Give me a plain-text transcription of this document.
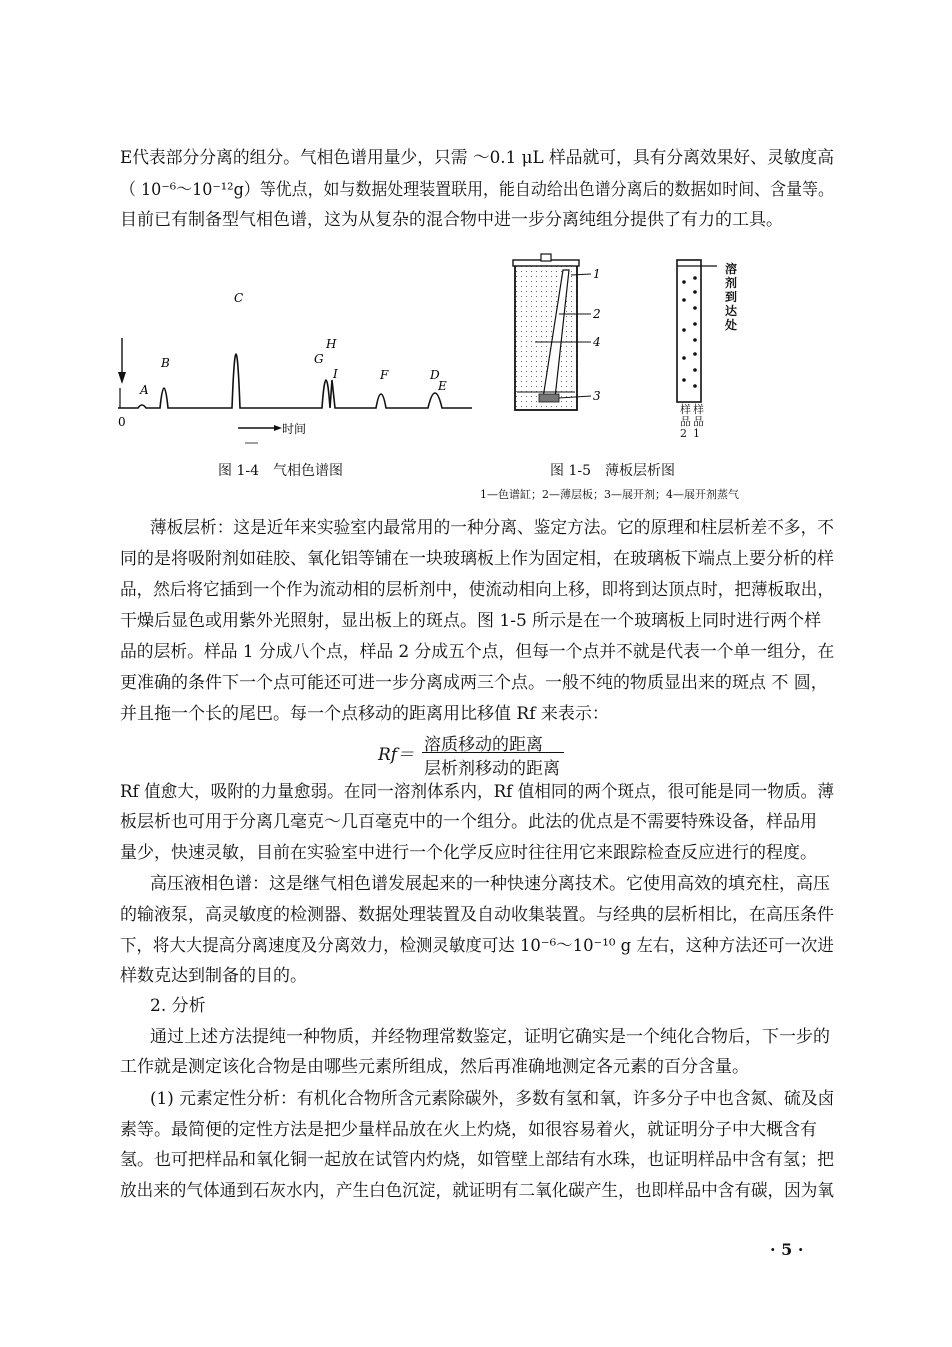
E代表部分分离的组分。气相色谱用量少，只需 ～0.1 μL 样品就可，具有分离效果好、灵敏度高
（ 10⁻⁶～10⁻¹²g）等优点，如与数据处理装置联用，能自动给出色谱分离后的数据如时间、含量等。
目前已有制备型气相色谱，这为从复杂的混合物中进一步分离纯组分提供了有力的工具。
A
B
C
G
H
I	F	D
E
0	时间
图 1-4　气相色谱图
1
2
4
3
溶剂到达处
样品2
样品1
图 1-5　薄板层析图
1—色谱缸；2—薄层板；3—展开剂；4—展开剂蒸气
薄板层析：这是近年来实验室内最常用的一种分离、鉴定方法。它的原理和柱层析差不多，不
同的是将吸附剂如硅胶、氧化铝等铺在一块玻璃板上作为固定相，在玻璃板下端点上要分析的样
品，然后将它插到一个作为流动相的层析剂中，使流动相向上移，即将到达顶点时，把薄板取出，
干燥后显色或用紫外光照射，显出板上的斑点。图 1-5 所示是在一个玻璃板上同时进行两个样
品的层析。样品 1 分成八个点，样品 2 分成五个点，但每一个点并不就是代表一个单一组分，在
更准确的条件下一个点可能还可进一步分离成两三个点。一般不纯的物质显出来的斑点 不 圆，
并且拖一个长的尾巴。每一个点移动的距离用比移值 Rf 来表示：
Rf＝ 溶质移动的距离
层析剂移动的距离
Rf 值愈大，吸附的力量愈弱。在同一溶剂体系内，Rf 值相同的两个斑点，很可能是同一物质。薄
板层析也可用于分离几毫克～几百毫克中的一个组分。此法的优点是不需要特殊设备，样品用
量少，快速灵敏，目前在实验室中进行一个化学反应时往往用它来跟踪检查反应进行的程度。
高压液相色谱：这是继气相色谱发展起来的一种快速分离技术。它使用高效的填充柱，高压
的输液泵，高灵敏度的检测器、数据处理装置及自动收集装置。与经典的层析相比，在高压条件
下，将大大提高分离速度及分离效力，检测灵敏度可达 10⁻⁶～10⁻¹⁰ g 左右，这种方法还可一次进
样数克达到制备的目的。
2. 分析
通过上述方法提纯一种物质，并经物理常数鉴定，证明它确实是一个纯化合物后，下一步的
工作就是测定该化合物是由哪些元素所组成，然后再准确地测定各元素的百分含量。
(1) 元素定性分析：有机化合物所含元素除碳外，多数有氢和氧，许多分子中也含氮、硫及卤
素等。最简便的定性方法是把少量样品放在火上灼烧，如很容易着火，就证明分子中大概含有
氢。也可把样品和氧化铜一起放在试管内灼烧，如管壁上部结有水珠，也证明样品中含有氢；把
放出来的气体通到石灰水内，产生白色沉淀，就证明有二氧化碳产生，也即样品中含有碳，因为氧
· 5 ·
